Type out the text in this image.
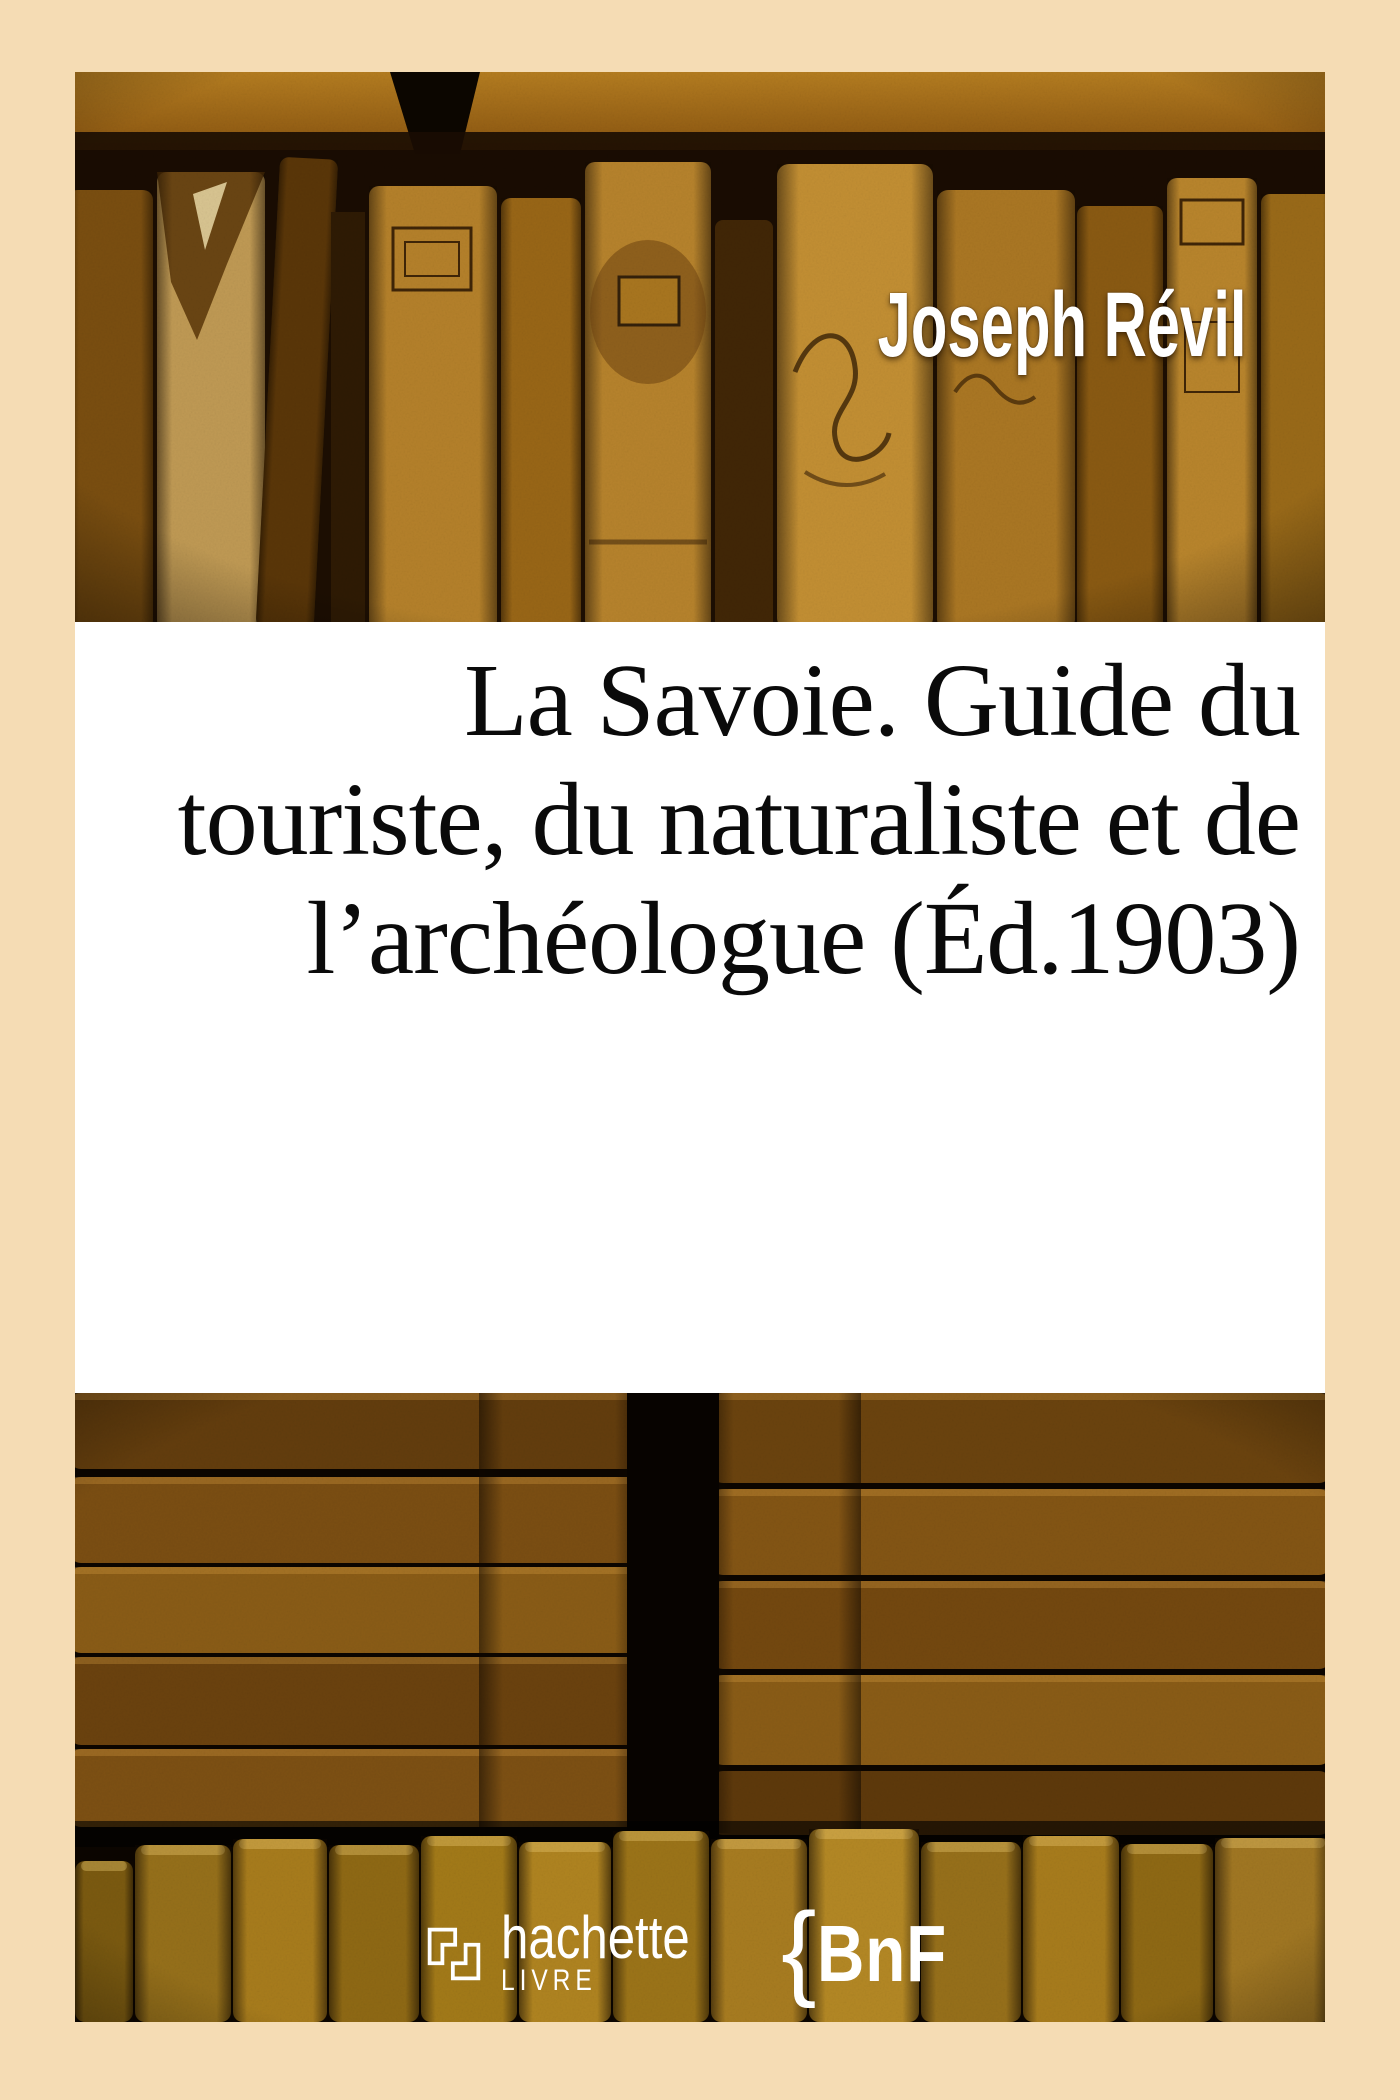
Joseph Révil
La Savoie. Guide du
touriste, du naturaliste et de
l’archéologue (Éd.1903)
hachette
LIVRE { BnF
